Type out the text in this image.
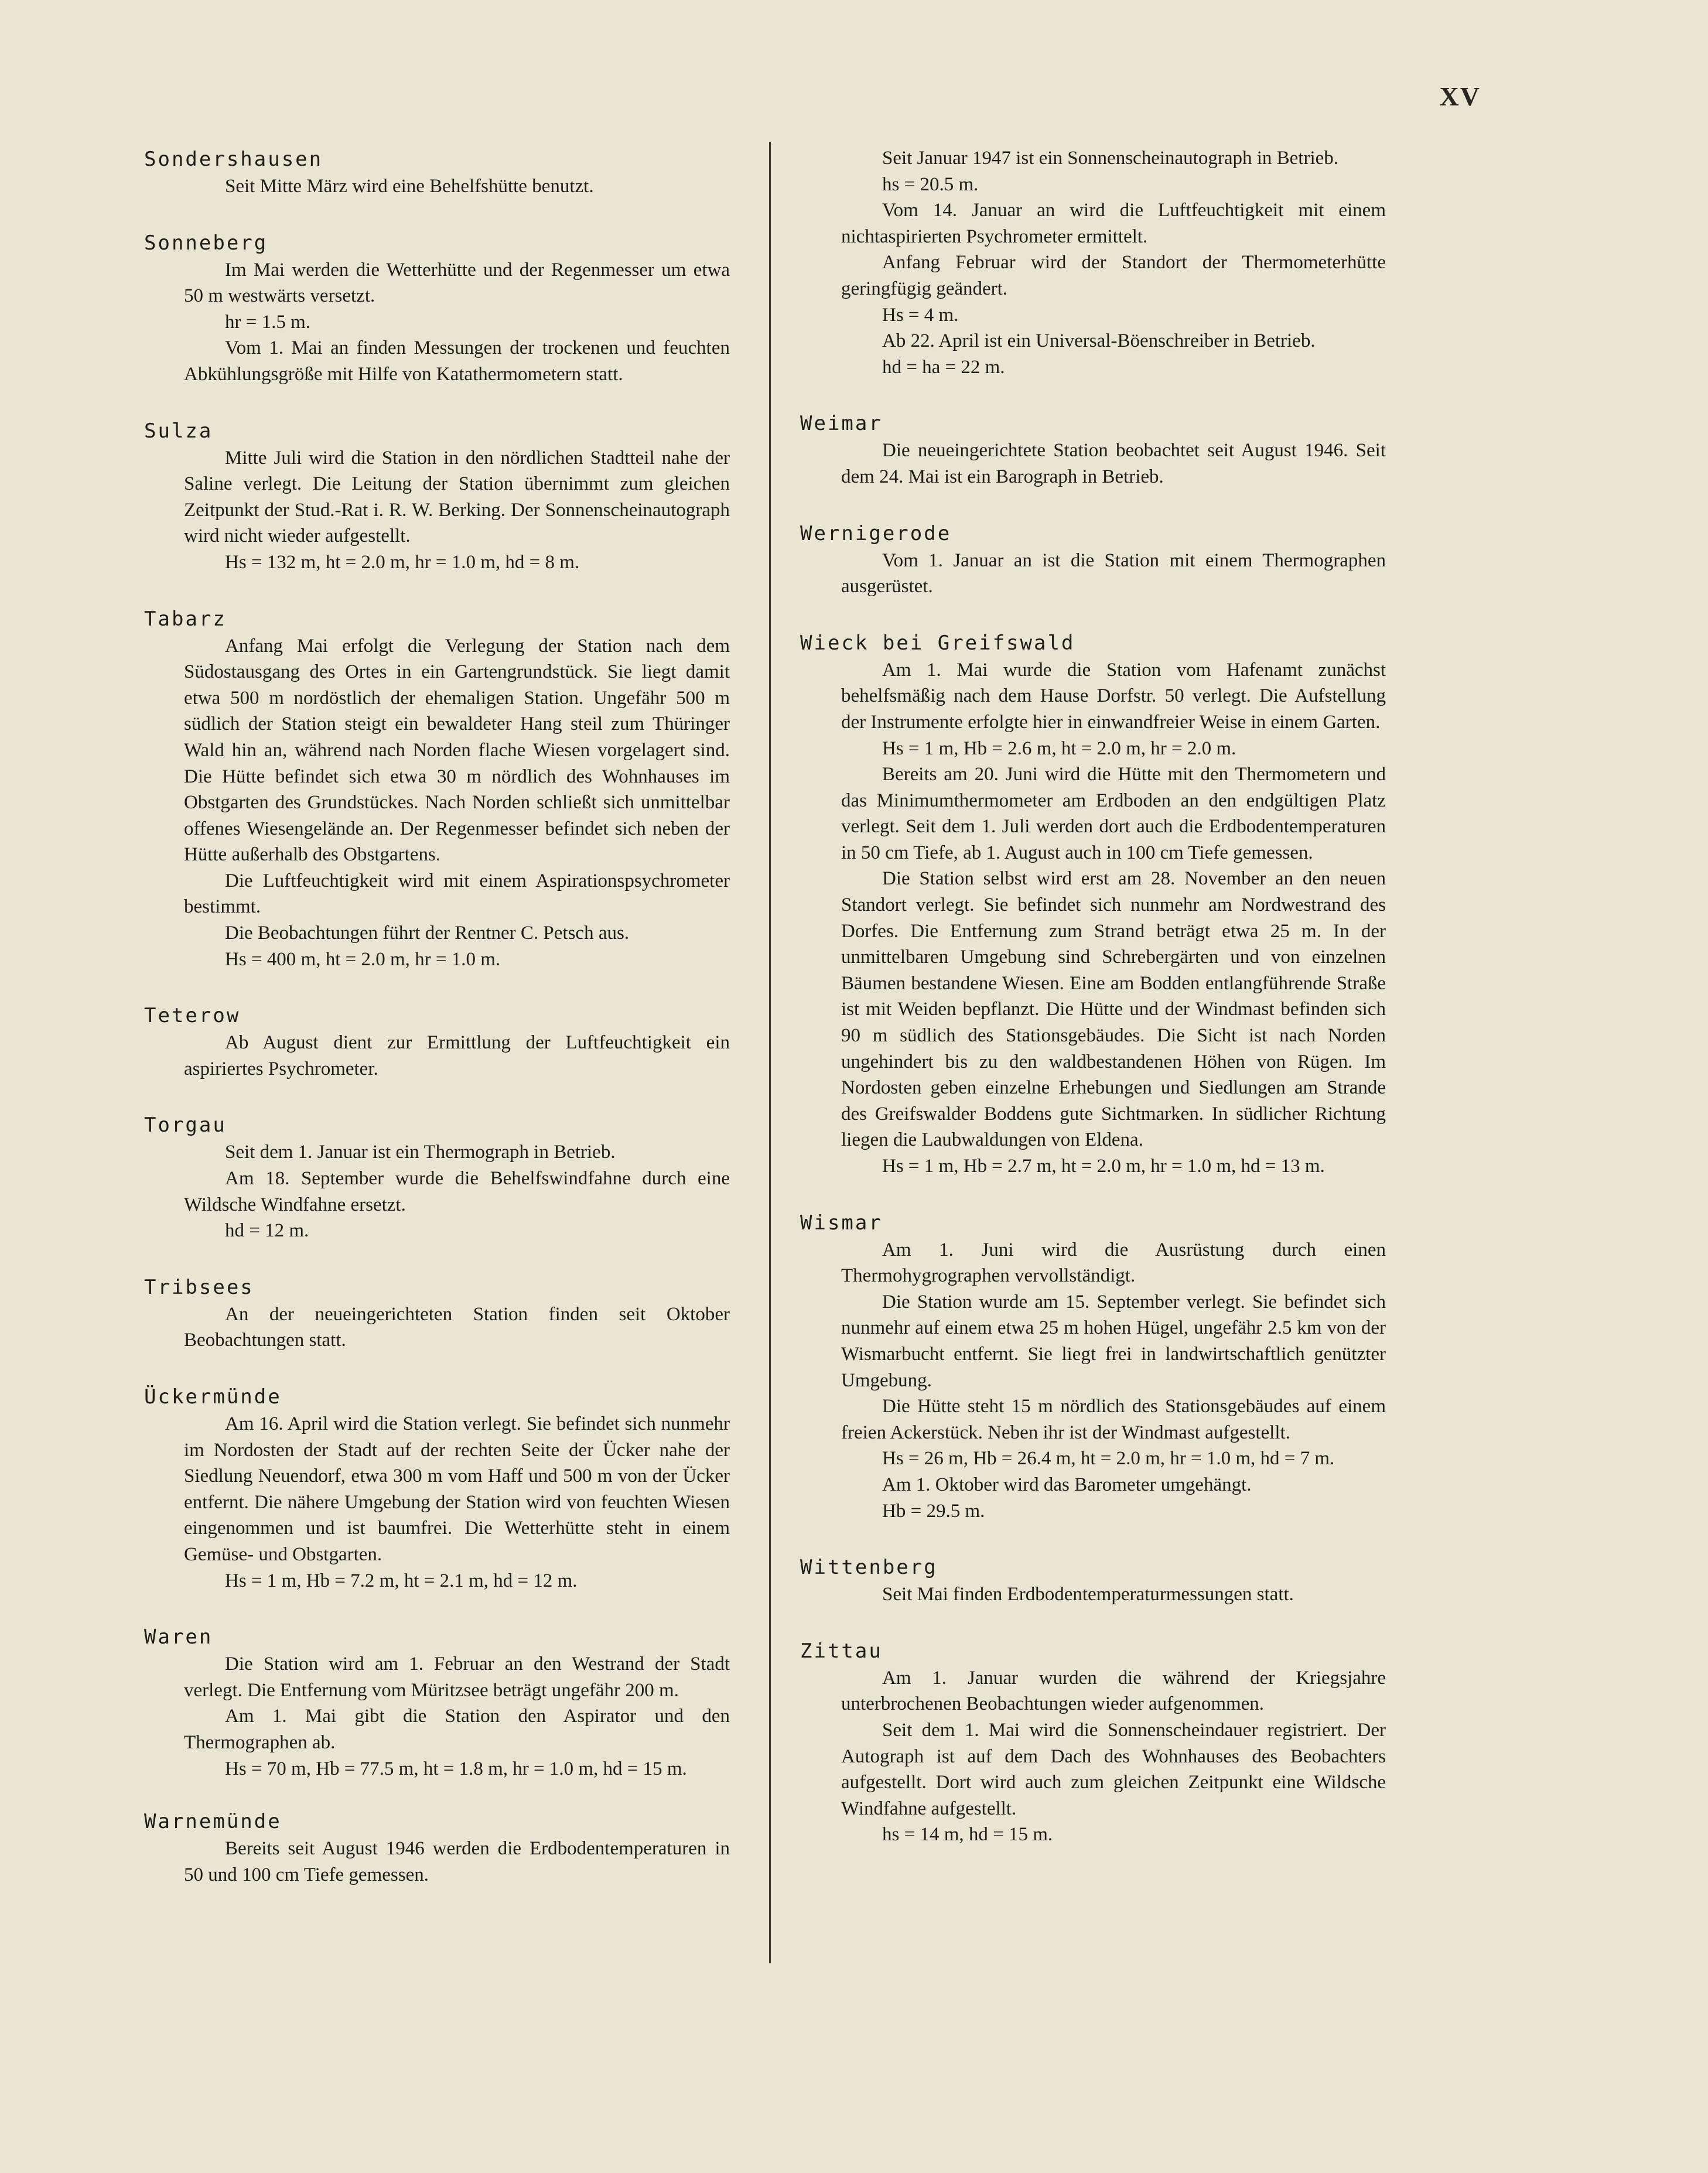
XV
Sondershausen

Seit Mitte März wird eine Behelfshütte benutzt.

Sonneberg

Im Mai werden die Wetterhütte und der Regenmesser um etwa 50 m westwärts versetzt.

hr = 1.5 m.

Vom 1. Mai an finden Messungen der trockenen und feuchten Abkühlungsgröße mit Hilfe von Katathermometern statt.

Sulza

Mitte Juli wird die Station in den nördlichen Stadtteil nahe der Saline verlegt. Die Leitung der Station übernimmt zum gleichen Zeitpunkt der Stud.-Rat i. R. W. Berking. Der Sonnenscheinautograph wird nicht wieder aufgestellt.

Hs = 132 m, ht = 2.0 m, hr = 1.0 m, hd = 8 m.

Tabarz

Anfang Mai erfolgt die Verlegung der Station nach dem Südostausgang des Ortes in ein Gartengrundstück. Sie liegt damit etwa 500 m nordöstlich der ehemaligen Station. Ungefähr 500 m südlich der Station steigt ein bewaldeter Hang steil zum Thüringer Wald hin an, während nach Norden flache Wiesen vorgelagert sind. Die Hütte befindet sich etwa 30 m nördlich des Wohnhauses im Obstgarten des Grundstückes. Nach Norden schließt sich unmittelbar offenes Wiesengelände an. Der Regenmesser befindet sich neben der Hütte außerhalb des Obstgartens.

Die Luftfeuchtigkeit wird mit einem Aspirationspsychrometer bestimmt.

Die Beobachtungen führt der Rentner C. Petsch aus.

Hs = 400 m, ht = 2.0 m, hr = 1.0 m.

Teterow

Ab August dient zur Ermittlung der Luftfeuchtigkeit ein aspiriertes Psychrometer.

Torgau

Seit dem 1. Januar ist ein Thermograph in Betrieb.

Am 18. September wurde die Behelfswindfahne durch eine Wildsche Windfahne ersetzt.

hd = 12 m.

Tribsees

An der neueingerichteten Station finden seit Oktober Beobachtungen statt.

Ückermünde

Am 16. April wird die Station verlegt. Sie befindet sich nunmehr im Nordosten der Stadt auf der rechten Seite der Ücker nahe der Siedlung Neuendorf, etwa 300 m vom Haff und 500 m von der Ücker entfernt. Die nähere Umgebung der Station wird von feuchten Wiesen eingenommen und ist baumfrei. Die Wetterhütte steht in einem Gemüse- und Obstgarten.

Hs = 1 m, Hb = 7.2 m, ht = 2.1 m, hd = 12 m.

Waren

Die Station wird am 1. Februar an den Westrand der Stadt verlegt. Die Entfernung vom Müritzsee beträgt ungefähr 200 m.

Am 1. Mai gibt die Station den Aspirator und den Thermographen ab.

Hs = 70 m, Hb = 77.5 m, ht = 1.8 m, hr = 1.0 m, hd = 15 m.

Warnemünde

Bereits seit August 1946 werden die Erdbodentemperaturen in 50 und 100 cm Tiefe gemessen.

Seit Januar 1947 ist ein Sonnenscheinautograph in Betrieb.

hs = 20.5 m.

Vom 14. Januar an wird die Luftfeuchtigkeit mit einem nichtaspirierten Psychrometer ermittelt.

Anfang Februar wird der Standort der Thermometerhütte geringfügig geändert.

Hs = 4 m.

Ab 22. April ist ein Universal-Böenschreiber in Betrieb.

hd = ha = 22 m.

Weimar

Die neueingerichtete Station beobachtet seit August 1946. Seit dem 24. Mai ist ein Barograph in Betrieb.

Wernigerode

Vom 1. Januar an ist die Station mit einem Thermographen ausgerüstet.

Wieck bei Greifswald

Am 1. Mai wurde die Station vom Hafenamt zunächst behelfsmäßig nach dem Hause Dorfstr. 50 verlegt. Die Aufstellung der Instrumente erfolgte hier in einwandfreier Weise in einem Garten.

Hs = 1 m, Hb = 2.6 m, ht = 2.0 m, hr = 2.0 m.

Bereits am 20. Juni wird die Hütte mit den Thermometern und das Minimumthermometer am Erdboden an den endgültigen Platz verlegt. Seit dem 1. Juli werden dort auch die Erdbodentemperaturen in 50 cm Tiefe, ab 1. August auch in 100 cm Tiefe gemessen.

Die Station selbst wird erst am 28. November an den neuen Standort verlegt. Sie befindet sich nunmehr am Nordwestrand des Dorfes. Die Entfernung zum Strand beträgt etwa 25 m. In der unmittelbaren Umgebung sind Schrebergärten und von einzelnen Bäumen bestandene Wiesen. Eine am Bodden entlangführende Straße ist mit Weiden bepflanzt. Die Hütte und der Windmast befinden sich 90 m südlich des Stationsgebäudes. Die Sicht ist nach Norden ungehindert bis zu den waldbestandenen Höhen von Rügen. Im Nordosten geben einzelne Erhebungen und Siedlungen am Strande des Greifswalder Boddens gute Sichtmarken. In südlicher Richtung liegen die Laubwaldungen von Eldena.

Hs = 1 m, Hb = 2.7 m, ht = 2.0 m, hr = 1.0 m, hd = 13 m.

Wismar

Am 1. Juni wird die Ausrüstung durch einen Thermohygrographen vervollständigt.

Die Station wurde am 15. September verlegt. Sie befindet sich nunmehr auf einem etwa 25 m hohen Hügel, ungefähr 2.5 km von der Wismarbucht entfernt. Sie liegt frei in landwirtschaftlich genützter Umgebung.

Die Hütte steht 15 m nördlich des Stationsgebäudes auf einem freien Ackerstück. Neben ihr ist der Windmast aufgestellt.

Hs = 26 m, Hb = 26.4 m, ht = 2.0 m, hr = 1.0 m, hd = 7 m.

Am 1. Oktober wird das Barometer umgehängt.

Hb = 29.5 m.

Wittenberg

Seit Mai finden Erdbodentemperaturmessungen statt.

Zittau

Am 1. Januar wurden die während der Kriegsjahre unterbrochenen Beobachtungen wieder aufgenommen.

Seit dem 1. Mai wird die Sonnenscheindauer registriert. Der Autograph ist auf dem Dach des Wohnhauses des Beobachters aufgestellt. Dort wird auch zum gleichen Zeitpunkt eine Wildsche Windfahne aufgestellt.

hs = 14 m, hd = 15 m.
